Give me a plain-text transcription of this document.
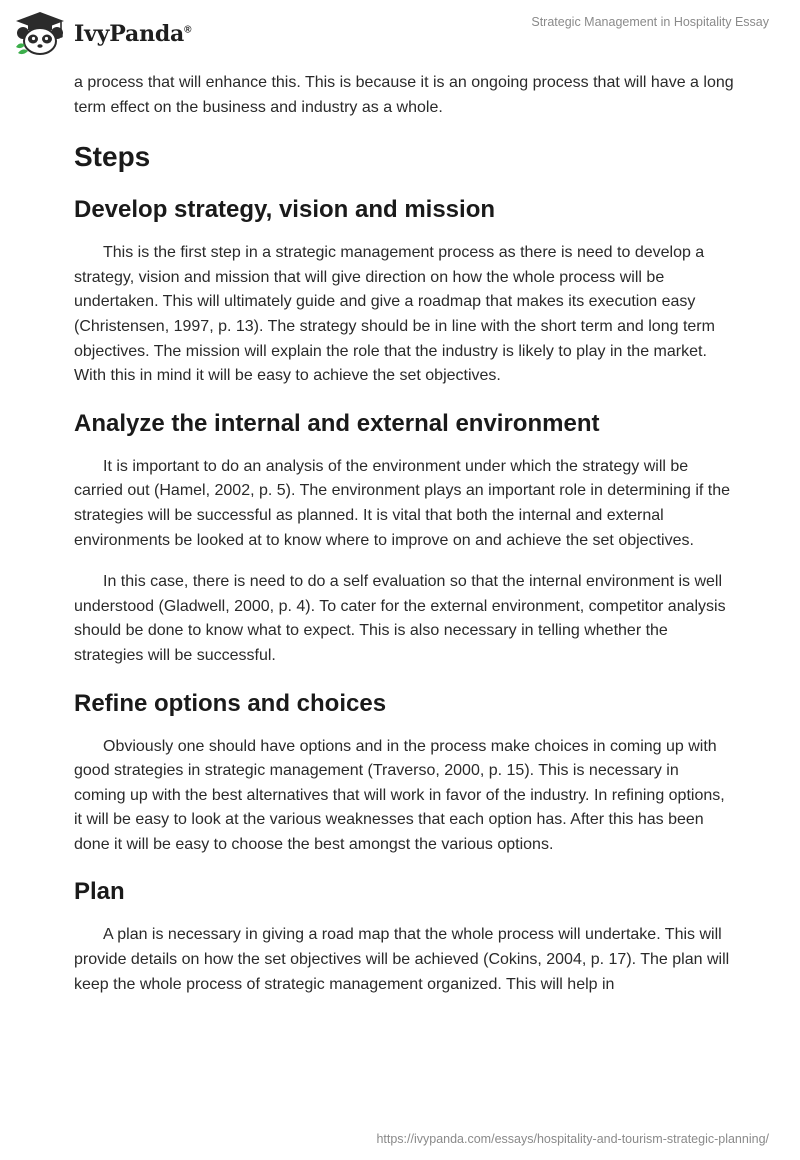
IvyPanda®
Strategic Management in Hospitality Essay

a process that will enhance this. This is because it is an ongoing process that will have a long term effect on the business and industry as a whole.

Steps
Develop strategy, vision and mission

This is the first step in a strategic management process as there is need to develop a strategy, vision and mission that will give direction on how the whole process will be undertaken. This will ultimately guide and give a roadmap that makes its execution easy (Christensen, 1997, p. 13). The strategy should be in line with the short term and long term objectives. The mission will explain the role that the industry is likely to play in the market. With this in mind it will be easy to achieve the set objectives.

Analyze the internal and external environment

It is important to do an analysis of the environment under which the strategy will be carried out (Hamel, 2002, p. 5). The environment plays an important role in determining if the strategies will be successful as planned. It is vital that both the internal and external environments be looked at to know where to improve on and achieve the set objectives.

In this case, there is need to do a self evaluation so that the internal environment is well understood (Gladwell, 2000, p. 4). To cater for the external environment, competitor analysis should be done to know what to expect. This is also necessary in telling whether the strategies will be successful.

Refine options and choices

Obviously one should have options and in the process make choices in coming up with good strategies in strategic management (Traverso, 2000, p. 15). This is necessary in coming up with the best alternatives that will work in favor of the industry. In refining options, it will be easy to look at the various weaknesses that each option has. After this has been done it will be easy to choose the best amongst the various options.

Plan

A plan is necessary in giving a road map that the whole process will undertake. This will provide details on how the set objectives will be achieved (Cokins, 2004, p. 17). The plan will keep the whole process of strategic management organized. This will help in

https://ivypanda.com/essays/hospitality-and-tourism-strategic-planning/
